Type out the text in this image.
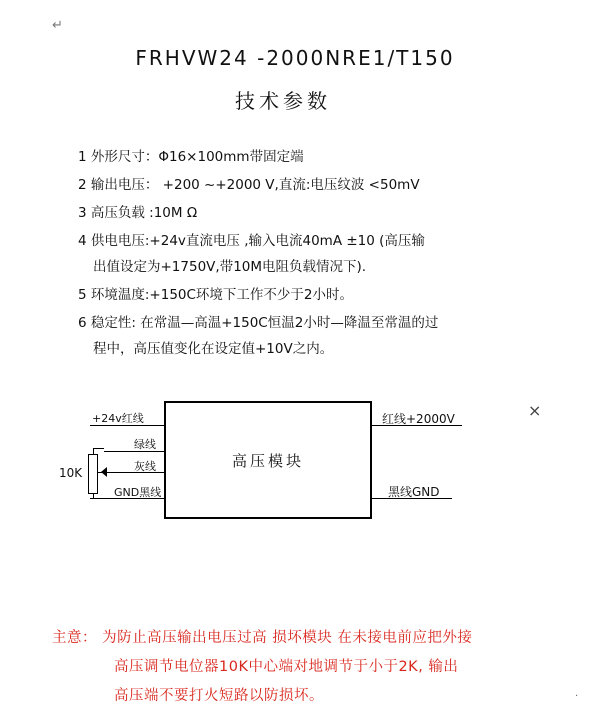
↵
FRHVW24 -2000NRE1/T150
技术参数
1 外形尺寸：Φ16×100mm带固定端
2 输出电压： +200 ~+2000 V,直流:电压纹波 <50mV
3 高压负载 :10M Ω
4 供电电压:+24v直流电压 ,输入电流40mA ±10 (高压输
出值设定为+1750V,带10M电阻负载情况下).
5 环境温度:+150C环境下工作不少于2小时。
6 稳定性: 在常温—高温+150C恒温2小时—降温至常温的过
程中，高压值变化在设定值+10V之内。
+24v红线
绿线
灰线
GND黑线
10K
高压模块
红线+2000V
黑线GND
×
主意： 为防止高压输出电压过高 损坏模块 在未接电前应把外接
高压调节电位器10K中心端对地调节于小于2K, 输出
高压端不要打火短路以防损坏。	.
